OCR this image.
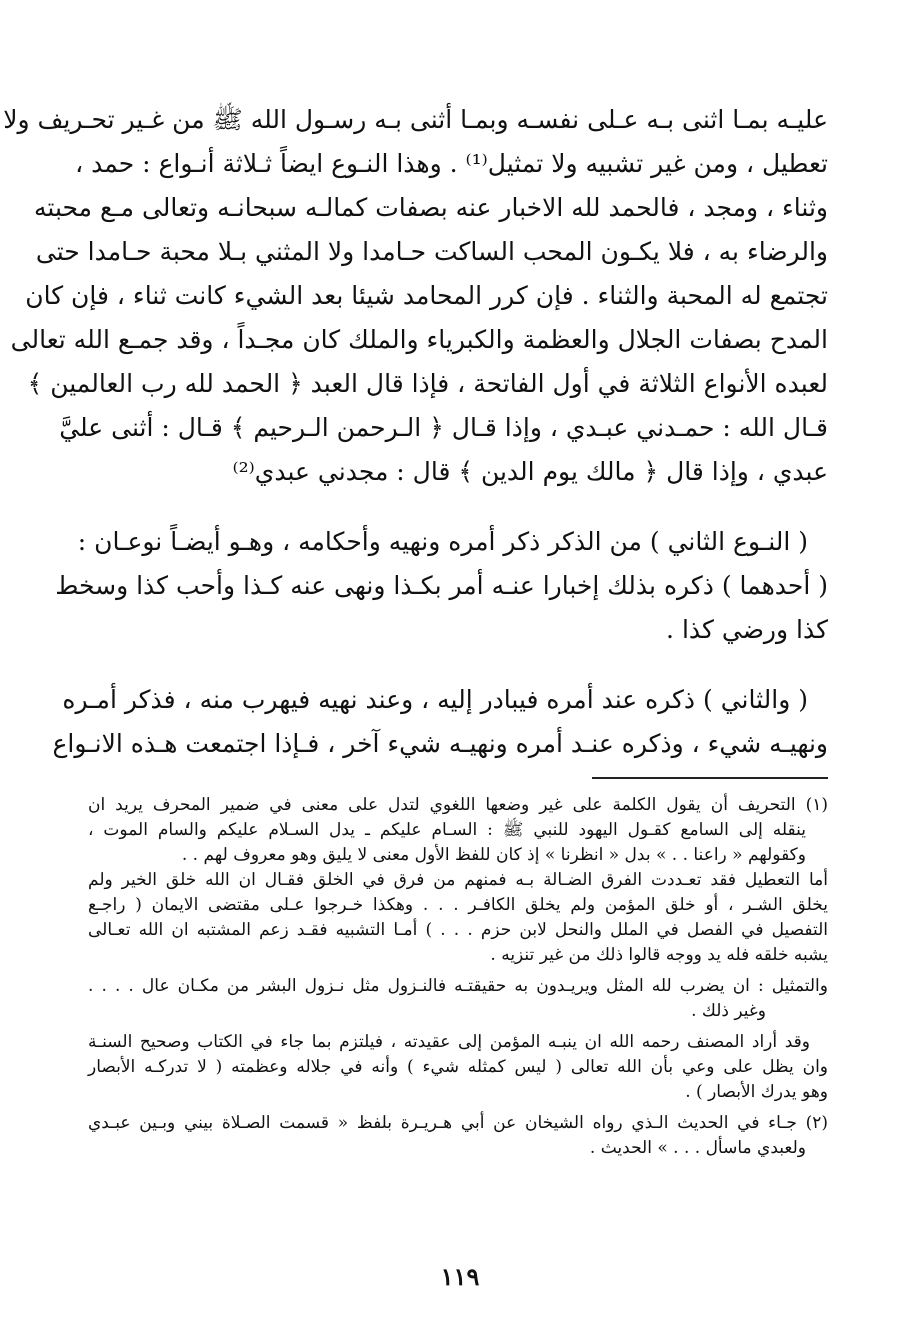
عليـه بمـا اثنى بـه عـلى نفسـه وبمـا أثنى بـه رسـول الله ﷺ من غـير تحـريف ولا
تعطيل ، ومن غير تشبيه ولا تمثيل⁽¹⁾ . وهذا النـوع ايضاً ثـلاثة أنـواع : حمد ،
وثناء ، ومجد ، فالحمد لله الاخبار عنه بصفات كمالـه سبحانـه وتعالى مـع محبته
والرضاء به ، فلا يكـون المحب الساكت حـامدا ولا المثني بـلا محبة حـامدا حتى
تجتمع له المحبة والثناء . فإن كرر المحامد شيئا بعد الشيء كانت ثناء ، فإن كان
المدح بصفات الجلال والعظمة والكبرياء والملك كان مجـداً ، وقد جمـع الله تعالى
لعبده الأنواع الثلاثة في أول الفاتحة ، فإذا قال العبد ﴿ الحمد لله رب العالمين ﴾
قـال الله : حمـدني عبـدي ، وإذا قـال ﴿ الـرحمن الـرحيم ﴾ قـال : أثنى عليَّ
عبدي ، وإذا قال ﴿ مالك يوم الدين ﴾ قال : مجدني عبدي⁽²⁾
( النـوع الثاني ) من الذكر ذكر أمره ونهيه وأحكامه ، وهـو أيضـاً نوعـان :
( أحدهما ) ذكره بذلك إخبارا عنـه أمر بكـذا ونهى عنه كـذا وأحب كذا وسخط
كذا ورضي كذا .
( والثاني ) ذكره عند أمره فيبادر إليه ، وعند نهيه فيهرب منه ، فذكر أمـره
ونهيـه شيء ، وذكره عنـد أمره ونهيـه شيء آخر ، فـإذا اجتمعت هـذه الانـواع
(١) التحريف أن يقول الكلمة على غير وضعها اللغوي لتدل على معنى في ضمير المحرف يريد ان
ينقله إلى السامع كقـول اليهود للنبي ﷺ : السـام عليكم ـ يدل السـلام عليكم والسام الموت ،
وكقولهم « راعنا . . » بدل « انظرنا » إذ كان للفظ الأول معنى لا يليق وهو معروف لهم . .
أما التعطيل فقد تعـددت الفرق الضـالة بـه فمنهم من فرق في الخلق فقـال ان الله خلق الخير ولم
يخلق الشـر ، أو خلق المؤمن ولم يخلق الكافـر . . . وهكذا خـرجوا عـلى مقتضى الايمان ( راجـع
التفصيل في الفصل في الملل والنحل لابن حزم . . . ) أمـا التشبيه فقـد زعم المشتبه ان الله تعـالى
يشبه خلقه فله يد ووجه قالوا ذلك من غير تنزيه .
والتمثيل : ان يضرب لله المثل ويريـدون به حقيقتـه فالنـزول مثل نـزول البشر من مكـان عال . . . .
وغير ذلك .
وقد أراد المصنف رحمه الله ان ينبـه المؤمن إلى عقيدته ، فيلتزم بما جاء في الكتاب وصحيح السنـة
وان يظل على وعي بأن الله تعالى ( ليس كمثله شيء ) وأنه في جلاله وعظمته ( لا تدركـه الأبصار
وهو يدرك الأبصار ) .
(٢) جـاء في الحديث الـذي رواه الشيخان عن أبي هـريـرة بلفظ « قسمت الصـلاة بيني وبـين عبـدي
ولعبدي ماسأل . . . » الحديث .
١١٩
